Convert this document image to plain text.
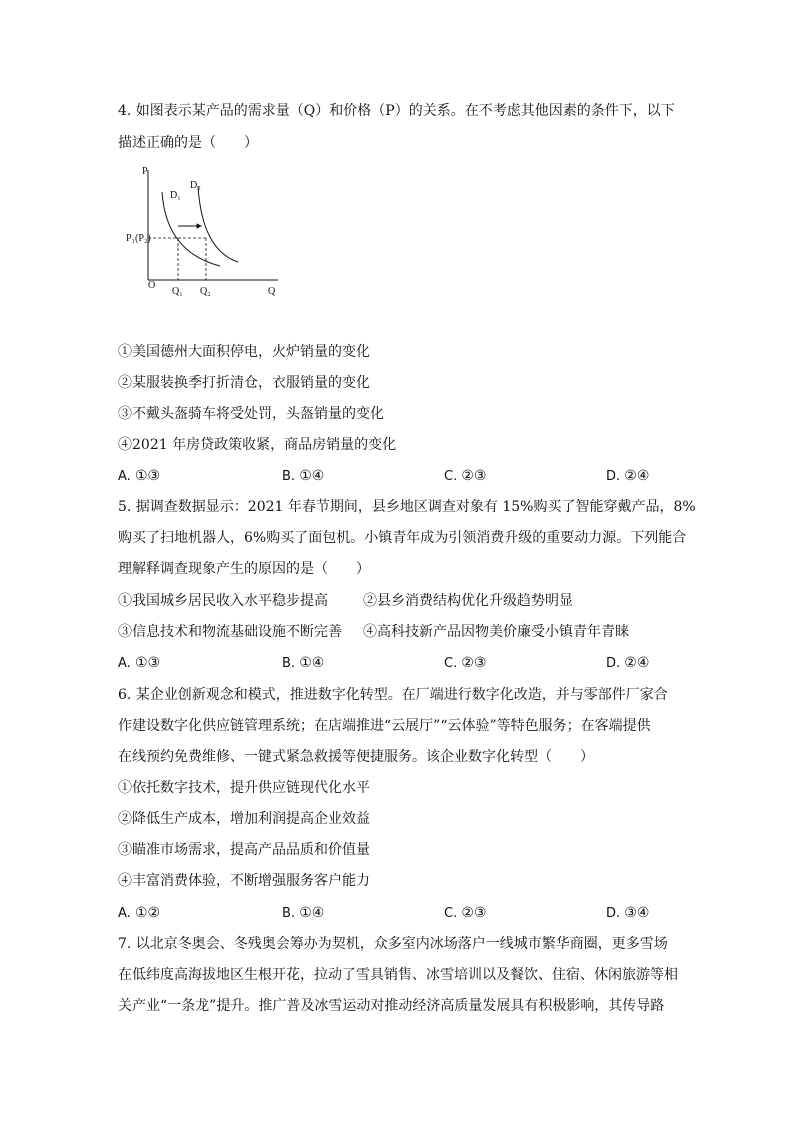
4. 如图表示某产品的需求量（Q）和价格（P）的关系。在不考虑其他因素的条件下，以下
描述正确的是（　　）
P
Q
O
D₁
D₂
P₁(P₂)
Q₁ Q₂
①美国德州大面积停电，火炉销量的变化
②某服装换季打折清仓，衣服销量的变化
③不戴头盔骑车将受处罚，头盔销量的变化
④2021 年房贷政策收紧，商品房销量的变化
A. ①③	B. ①④	C. ②③	D. ②④
5. 据调查数据显示：2021 年春节期间，县乡地区调查对象有 15%购买了智能穿戴产品，8%
购买了扫地机器人，6%购买了面包机。小镇青年成为引领消费升级的重要动力源。下列能合
理解释调查现象产生的原因的是（　　）
①我国城乡居民收入水平稳步提高	②县乡消费结构优化升级趋势明显
③信息技术和物流基础设施不断完善	④高科技新产品因物美价廉受小镇青年青睐
A. ①③	B. ①④	C. ②③	D. ②④
6. 某企业创新观念和模式，推进数字化转型。在厂端进行数字化改造，并与零部件厂家合
作建设数字化供应链管理系统；在店端推进“云展厅”“云体验”等特色服务；在客端提供
在线预约免费维修、一键式紧急救援等便捷服务。该企业数字化转型（　　）
①依托数字技术，提升供应链现代化水平
②降低生产成本，增加利润提高企业效益
③瞄准市场需求，提高产品品质和价值量
④丰富消费体验，不断增强服务客户能力
A. ①②	B. ①④	C. ②③	D. ③④
7. 以北京冬奥会、冬残奥会筹办为契机，众多室内冰场落户一线城市繁华商圈，更多雪场
在低纬度高海拔地区生根开花，拉动了雪具销售、冰雪培训以及餐饮、住宿、休闲旅游等相
关产业“一条龙”提升。推广普及冰雪运动对推动经济高质量发展具有积极影响，其传导路
